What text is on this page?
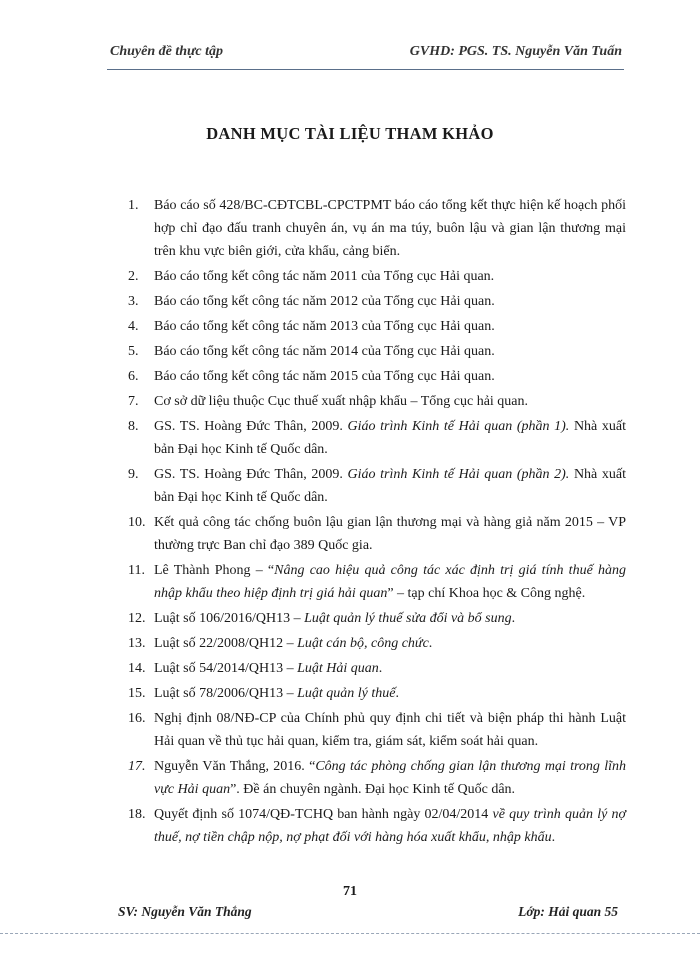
Chuyên đề thực tập	GVHD: PGS. TS. Nguyễn Văn Tuấn
DANH MỤC TÀI LIỆU THAM KHẢO
1.	Báo cáo số 428/BC-CĐTCBL-CPCTPMT báo cáo tổng kết thực hiện kế hoạch phối hợp chỉ đạo đấu tranh chuyên án, vụ án ma túy, buôn lậu và gian lận thương mại trên khu vực biên giới, cửa khẩu, cảng biển.
2.	Báo cáo tổng kết công tác năm 2011 của Tổng cục Hải quan.
3.	Báo cáo tổng kết công tác năm 2012 của Tổng cục Hải quan.
4.	Báo cáo tổng kết công tác năm 2013 của Tổng cục Hải quan.
5.	Báo cáo tổng kết công tác năm 2014 của Tổng cục Hải quan.
6.	Báo cáo tổng kết công tác năm 2015 của Tổng cục Hải quan.
7.	Cơ sở dữ liệu thuộc Cục thuế xuất nhập khẩu – Tổng cục hải quan.
8.	GS. TS. Hoàng Đức Thân, 2009. Giáo trình Kinh tế Hải quan (phần 1). Nhà xuất bản Đại học Kinh tế Quốc dân.
9.	GS. TS. Hoàng Đức Thân, 2009. Giáo trình Kinh tế Hải quan (phần 2). Nhà xuất bản Đại học Kinh tế Quốc dân.
10. Kết quả công tác chống buôn lậu gian lận thương mại và hàng giả năm 2015 – VP thường trực Ban chỉ đạo 389 Quốc gia.
11. Lê Thành Phong – “Nâng cao hiệu quả công tác xác định trị giá tính thuế hàng nhập khẩu theo hiệp định trị giá hải quan” – tạp chí Khoa học & Công nghệ.
12. Luật số 106/2016/QH13 – Luật quản lý thuế sửa đổi và bổ sung.
13. Luật số 22/2008/QH12 – Luật cán bộ, công chức.
14. Luật số 54/2014/QH13 – Luật Hải quan.
15. Luật số 78/2006/QH13 – Luật quản lý thuế.
16. Nghị định 08/NĐ-CP của Chính phủ quy định chi tiết và biện pháp thi hành Luật Hải quan về thủ tục hải quan, kiểm tra, giám sát, kiểm soát hải quan.
17. Nguyễn Văn Thắng, 2016. “Công tác phòng chống gian lận thương mại trong lĩnh vực Hải quan”. Đề án chuyên ngành. Đại học Kinh tế Quốc dân.
18. Quyết định số 1074/QĐ-TCHQ ban hành ngày 02/04/2014 về quy trình quản lý nợ thuế, nợ tiền chập nộp, nợ phạt đối với hàng hóa xuất khẩu, nhập khẩu.
71
SV: Nguyễn Văn Thắng	Lớp: Hải quan 55
